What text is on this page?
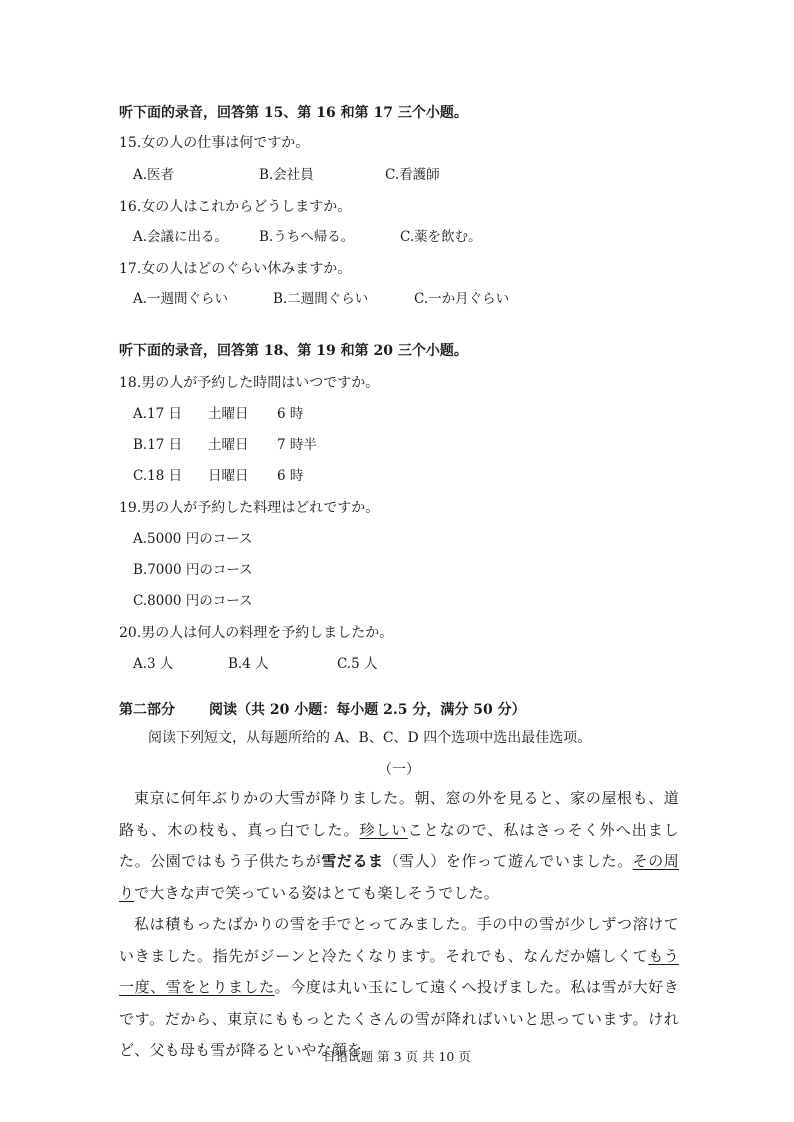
听下面的录音，回答第 15、第 16 和第 17 三个小题。
15.女の人の仕事は何ですか。
A.医者	B.会社員	C.看護師
16.女の人はこれからどうしますか。
A.会議に出る。 B.うちへ帰る。	C.薬を飲む。
17.女の人はどのぐらい休みますか。
A.一週間ぐらい	B.二週間ぐらい	C.一か月ぐらい
听下面的录音，回答第 18、第 19 和第 20 三个小题。
18.男の人が予約した時間はいつですか。
A.17 日 土曜日 6 時
B.17 日 土曜日 7 時半
C.18 日 日曜日 6 時
19.男の人が予約した料理はどれですか。
A.5000 円のコース
B.7000 円のコース
C.8000 円のコース
20.男の人は何人の料理を予約しましたか。
A.3 人	B.4 人	C.5 人
第二部分 阅读（共 20 小题：每小题 2.5 分，满分 50 分）
阅读下列短文，从每题所给的 A、B、C、D 四个选项中选出最佳选项。
（一）
東京に何年ぶりかの大雪が降りました。朝、窓の外を見ると、家の屋根も、道路も、木の枝も、真っ白でした。珍しいことなので、私はさっそく外へ出ました。公園ではもう子供たちが雪だるま（雪人）を作って遊んでいました。その周りで大きな声で笑っている姿はとても楽しそうでした。
私は積もったばかりの雪を手でとってみました。手の中の雪が少しずつ溶けていきました。指先がジーンと冷たくなります。それでも、なんだか嬉しくてもう一度、雪をとりました。今度は丸い玉にして遠くへ投げました。私は雪が大好きです。だから、東京にももっとたくさんの雪が降ればいいと思っています。けれど、父も母も雪が降るといやな顔を
日语试题 第 3 页 共 10 页
